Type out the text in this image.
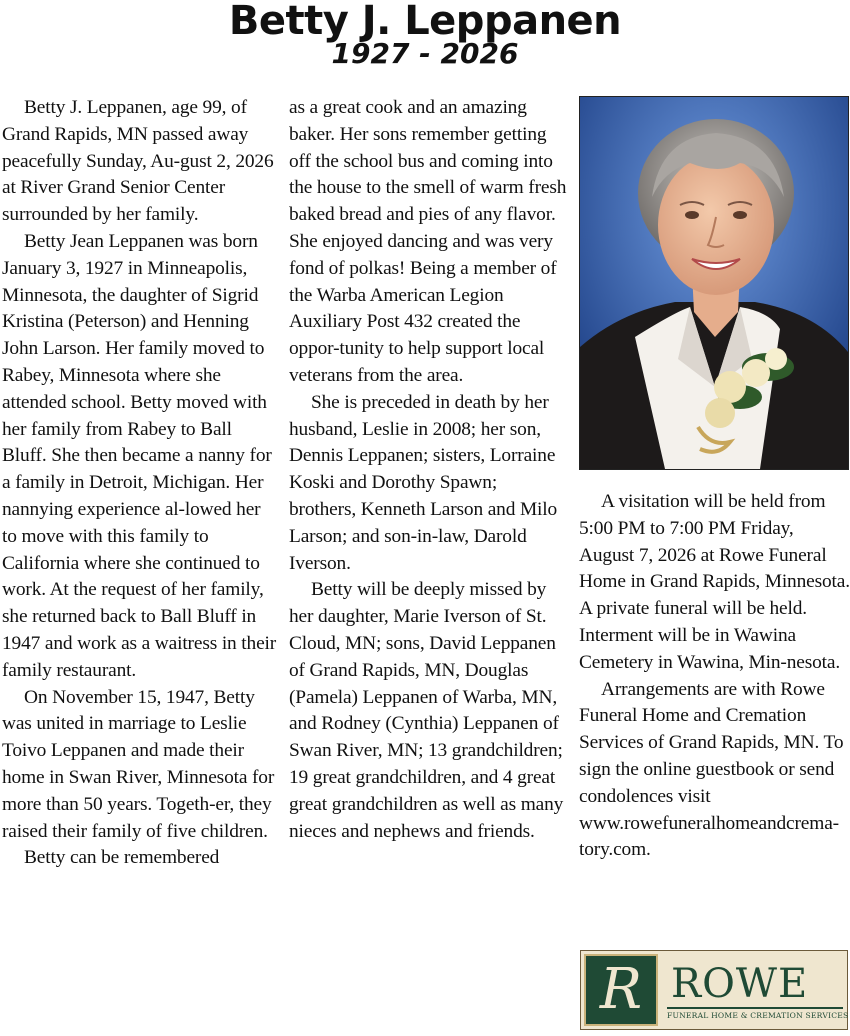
Betty J. Leppanen
1927 - 2026

Betty J. Leppanen, age 99, of Grand Rapids, MN passed away peacefully Sunday, Au-gust 2, 2026 at River Grand Senior Center surrounded by her family.

Betty Jean Leppanen was born January 3, 1927 in Minneapolis, Minnesota, the daughter of Sigrid Kristina (Peterson) and Henning John Larson. Her family moved to Rabey, Minnesota where she attended school. Betty moved with her family from Rabey to Ball Bluff. She then became a nanny for a family in Detroit, Michigan. Her nannying experience al-lowed her to move with this family to California where she continued to work. At the request of her family, she returned back to Ball Bluff in 1947 and work as a waitress in their family restaurant.

On November 15, 1947, Betty was united in marriage to Leslie Toivo Leppanen and made their home in Swan River, Minnesota for more than 50 years. Togeth-er, they raised their family of five children.

Betty can be remembered

as a great cook and an amazing baker. Her sons remember getting off the school bus and coming into the house to the smell of warm fresh baked bread and pies of any flavor. She enjoyed dancing and was very fond of polkas! Being a member of the Warba American Legion Auxiliary Post 432 created the oppor-tunity to help support local veterans from the area.

She is preceded in death by her husband, Leslie in 2008; her son, Dennis Leppanen; sisters, Lorraine Koski and Dorothy Spawn; brothers, Kenneth Larson and Milo Larson; and son-in-law, Darold Iverson.

Betty will be deeply missed by her daughter, Marie Iverson of St. Cloud, MN; sons, David Leppanen of Grand Rapids, MN, Douglas (Pamela) Leppanen of Warba, MN, and Rodney (Cynthia) Leppanen of Swan River, MN; 13 grandchildren; 19 great grandchildren, and 4 great great grandchildren as well as many nieces and nephews and friends.

A visitation will be held from 5:00 PM to 7:00 PM Friday, August 7, 2026 at Rowe Funeral Home in Grand Rapids, Minnesota. A private funeral will be held. Interment will be in Wawina Cemetery in Wawina, Min-nesota.

Arrangements are with Rowe Funeral Home and Cremation Services of Grand Rapids, MN. To sign the online guestbook or send condolences visit www.rowefuneralhomeandcrema-tory.com.

R ROWE
FUNERAL HOME & CREMATION SERVICES
